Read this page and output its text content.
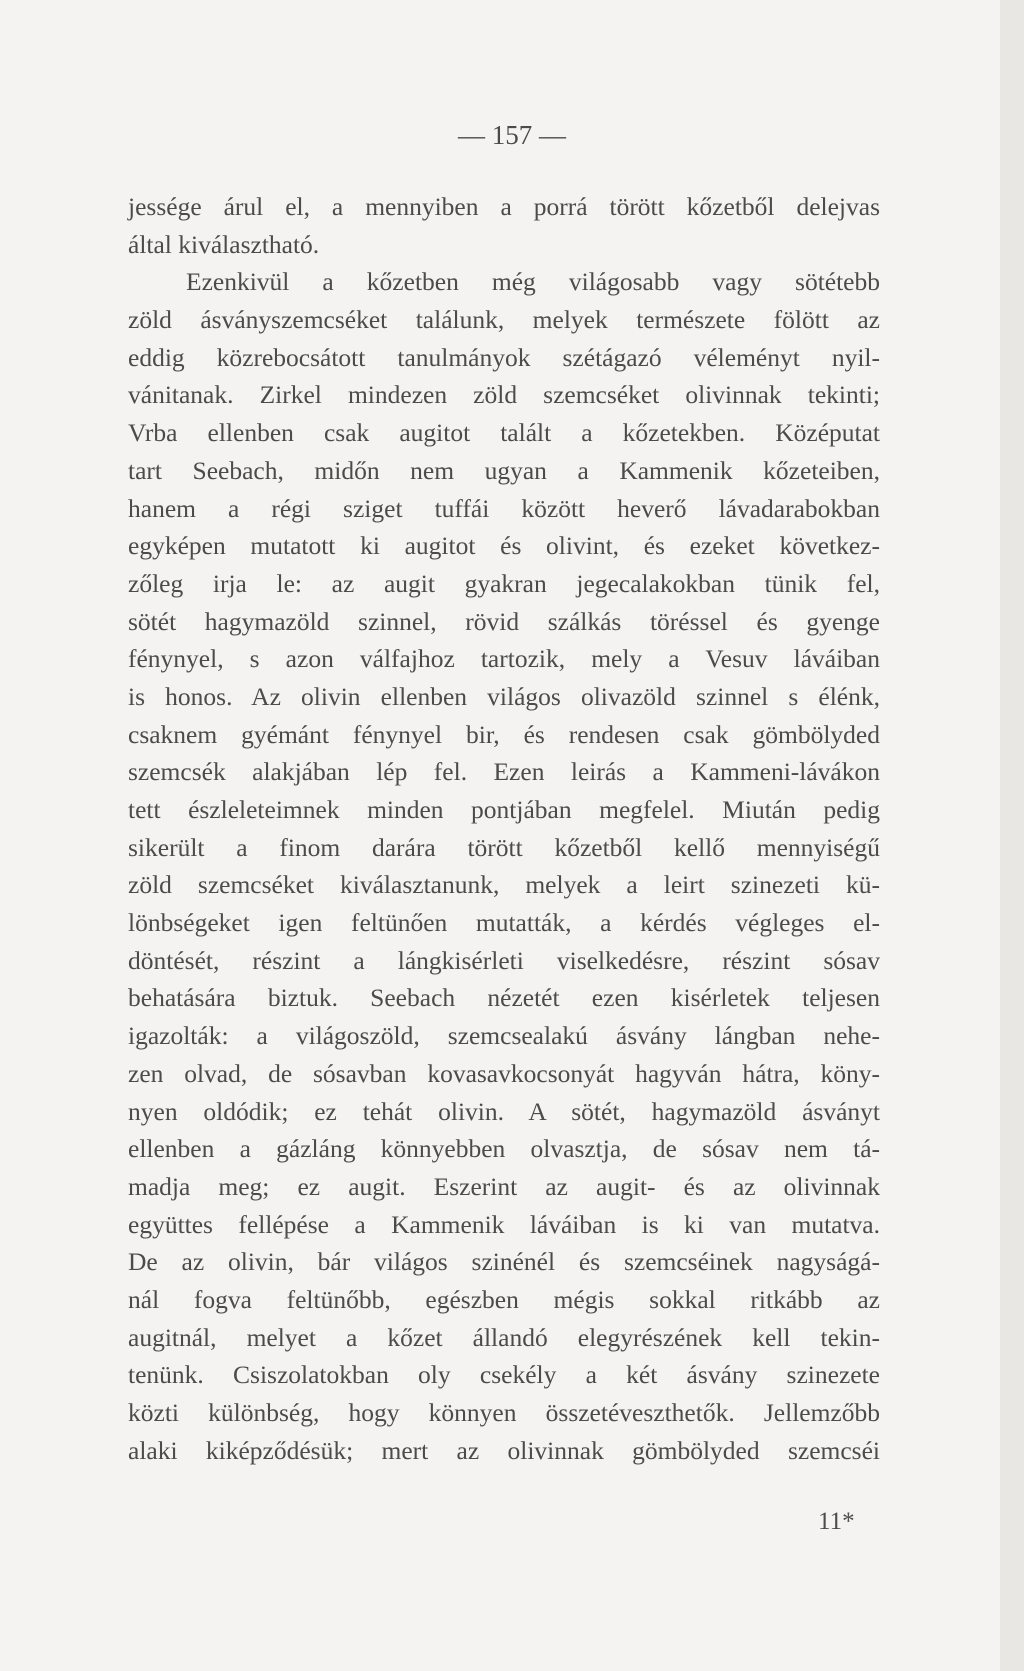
— 157 —

jessége árul el, a mennyiben a porrá törött kőzetből delejvas
által kiválasztható.
Ezenkivül a kőzetben még világosabb vagy sötétebb
zöld ásványszemcséket találunk, melyek természete fölött az
eddig közrebocsátott tanulmányok szétágazó véleményt nyil-
vánitanak. Zirkel mindezen zöld szemcséket olivinnak tekinti;
Vrba ellenben csak augitot talált a kőzetekben. Középutat
tart Seebach, midőn nem ugyan a Kammenik kőzeteiben,
hanem a régi sziget tuffái között heverő lávadarabokban
egyképen mutatott ki augitot és olivint, és ezeket következ-
zőleg irja le: az augit gyakran jegecalakokban tünik fel,
sötét hagymazöld szinnel, rövid szálkás töréssel és gyenge
fénynyel, s azon válfajhoz tartozik, mely a Vesuv láváiban
is honos. Az olivin ellenben világos olivazöld szinnel s élénk,
csaknem gyémánt fénynyel bir, és rendesen csak gömbölyded
szemcsék alakjában lép fel. Ezen leirás a Kammeni-lávákon
tett észleleteimnek minden pontjában megfelel. Miután pedig
sikerült a finom darára törött kőzetből kellő mennyiségű
zöld szemcséket kiválasztanunk, melyek a leirt szinezeti kü-
lönbségeket igen feltünően mutatták, a kérdés végleges el-
döntését, részint a lángkisérleti viselkedésre, részint sósav
behatására biztuk. Seebach nézetét ezen kisérletek teljesen
igazolták: a világoszöld, szemcsealakú ásvány lángban nehe-
zen olvad, de sósavban kovasavkocsonyát hagyván hátra, köny-
nyen oldódik; ez tehát olivin. A sötét, hagymazöld ásványt
ellenben a gázláng könnyebben olvasztja, de sósav nem tá-
madja meg; ez augit. Eszerint az augit- és az olivinnak
együttes fellépése a Kammenik láváiban is ki van mutatva.
De az olivin, bár világos szinénél és szemcséinek nagyságá-
nál fogva feltünőbb, egészben mégis sokkal ritkább az
augitnál, melyet a kőzet állandó elegyrészének kell tekin-
tenünk. Csiszolatokban oly csekély a két ásvány szinezete
közti különbség, hogy könnyen összetéveszthetők. Jellemzőbb
alaki kiképződésük; mert az olivinnak gömbölyded szemcséi

11*
